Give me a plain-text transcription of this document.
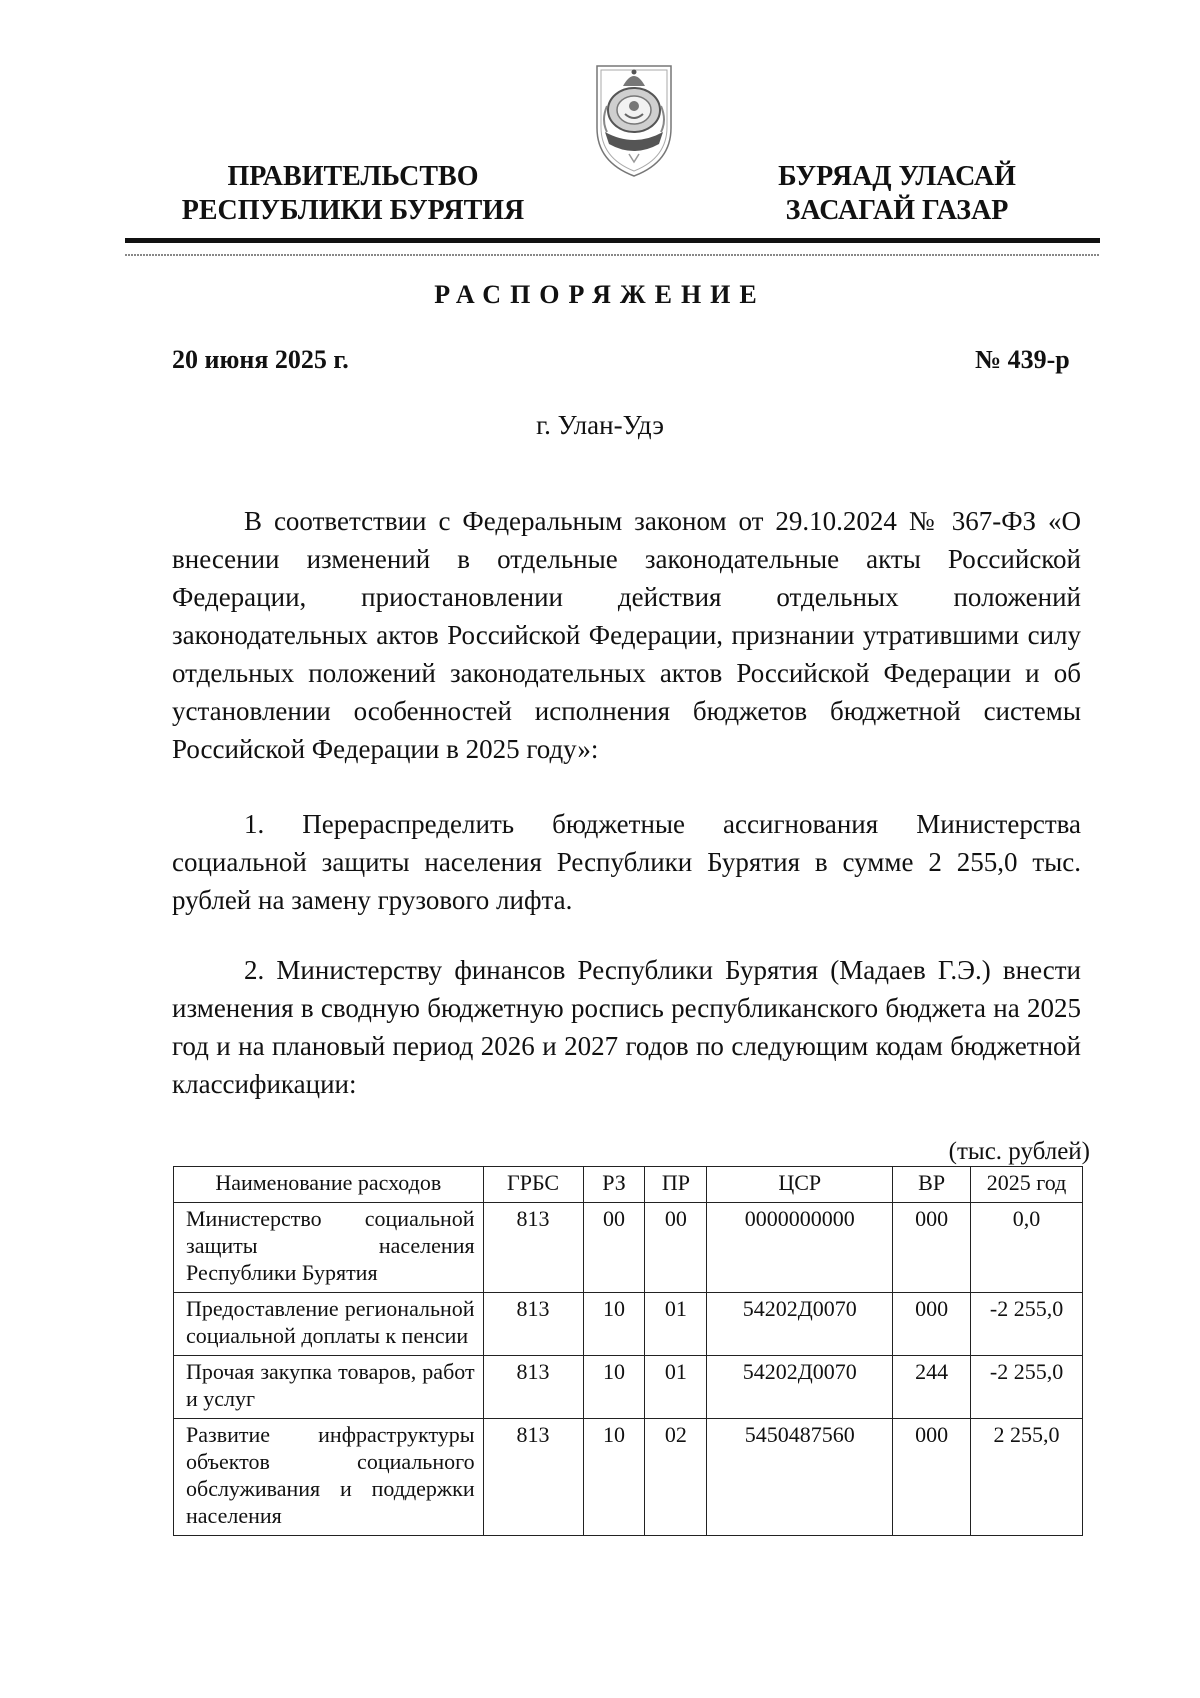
ПРАВИТЕЛЬСТВО
РЕСПУБЛИКИ БУРЯТИЯ
БУРЯАД УЛАСАЙ
ЗАСАГАЙ ГАЗАР
РАСПОРЯЖЕНИЕ
20 июня 2025 г.	№ 439-р
г. Улан-Удэ

В соответствии с Федеральным законом от 29.10.2024 № 367-ФЗ «О внесении изменений в отдельные законодательные акты Российской Федерации, приостановлении действия отдельных положений законодательных актов Российской Федерации, признании утратившими силу отдельных положений законодательных актов Российской Федерации и об установлении особенностей исполнения бюджетов бюджетной системы Российской Федерации в 2025 году»:

1. Перераспределить бюджетные ассигнования Министерства социальной защиты населения Республики Бурятия в сумме 2 255,0 тыс. рублей на замену грузового лифта.

2. Министерству финансов Республики Бурятия (Мадаев Г.Э.) внести изменения в сводную бюджетную роспись республиканского бюджета на 2025 год и на плановый период 2026 и 2027 годов по следующим кодам бюджетной классификации:

(тыс. рублей)
Наименование расходов	ГРБС	РЗ	ПР	ЦСР	ВР	2025 год
Министерство социальной защиты населения Республики Бурятия	813	00	00	0000000000	000	0,0
Предоставление региональной социальной доплаты к пенсии	813	10	01	54202Д0070	000	-2 255,0
Прочая закупка товаров, работ и услуг	813	10	01	54202Д0070	244	-2 255,0
Развитие инфраструктуры объектов социального обслуживания и поддержки населения	813	10	02	5450487560	000	2 255,0
